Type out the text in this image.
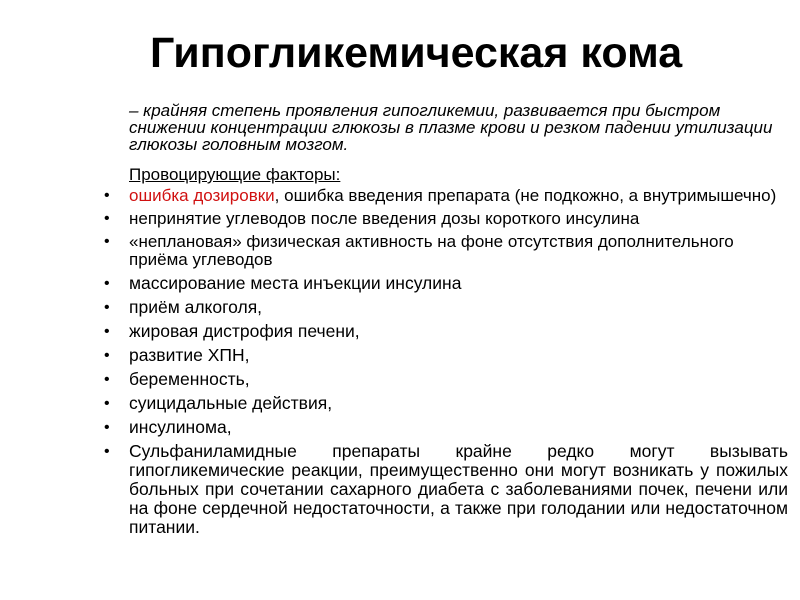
Гипогликемическая кома
– крайняя степень проявления гипогликемии, развивается при быстром снижении концентрации глюкозы в плазме крови и резком падении утилизации глюкозы головным мозгом.
Провоцирующие факторы:
• ошибка дозировки, ошибка введения препарата (не подкожно, а внутримышечно)
• непринятие углеводов после введения дозы короткого инсулина
• «неплановая» физическая активность на фоне отсутствия дополнительного приёма углеводов
• массирование места инъекции инсулина
• приём алкоголя,
• жировая дистрофия печени,
• развитие ХПН,
• беременность,
• суицидальные действия,
• инсулинома,
• Сульфаниламидные препараты крайне редко могут вызывать гипогликемические реакции, преимущественно они могут возникать у пожилых больных при сочетании сахарного диабета с заболеваниями почек, печени или на фоне сердечной недостаточности, а также при голодании или недостаточном питании.
